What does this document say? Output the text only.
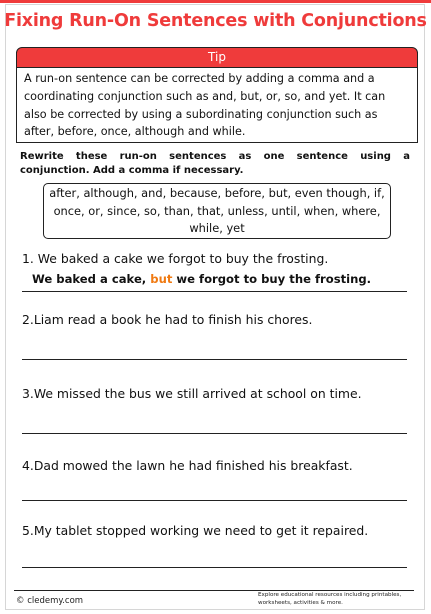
Fixing Run-On Sentences with Conjunctions
Tip
A run-on sentence can be corrected by adding a comma and a coordinating conjunction such as and, but, or, so, and yet. It can also be corrected by using a subordinating conjunction such as after, before, once, although and while.
Rewrite these run-on sentences as one sentence using a conjunction. Add a comma if necessary.
after, although, and, because, before, but, even though, if, once, or, since, so, than, that, unless, until, when, where, while, yet
1. We baked a cake we forgot to buy the frosting.
We baked a cake, but we forgot to buy the frosting.
2.Liam read a book he had to finish his chores.
3.We missed the bus we still arrived at school on time.
4.Dad mowed the lawn he had finished his breakfast.
5.My tablet stopped working we need to get it repaired.
© cledemy.com
Explore educational resources including printables, worksheets, activities & more.
